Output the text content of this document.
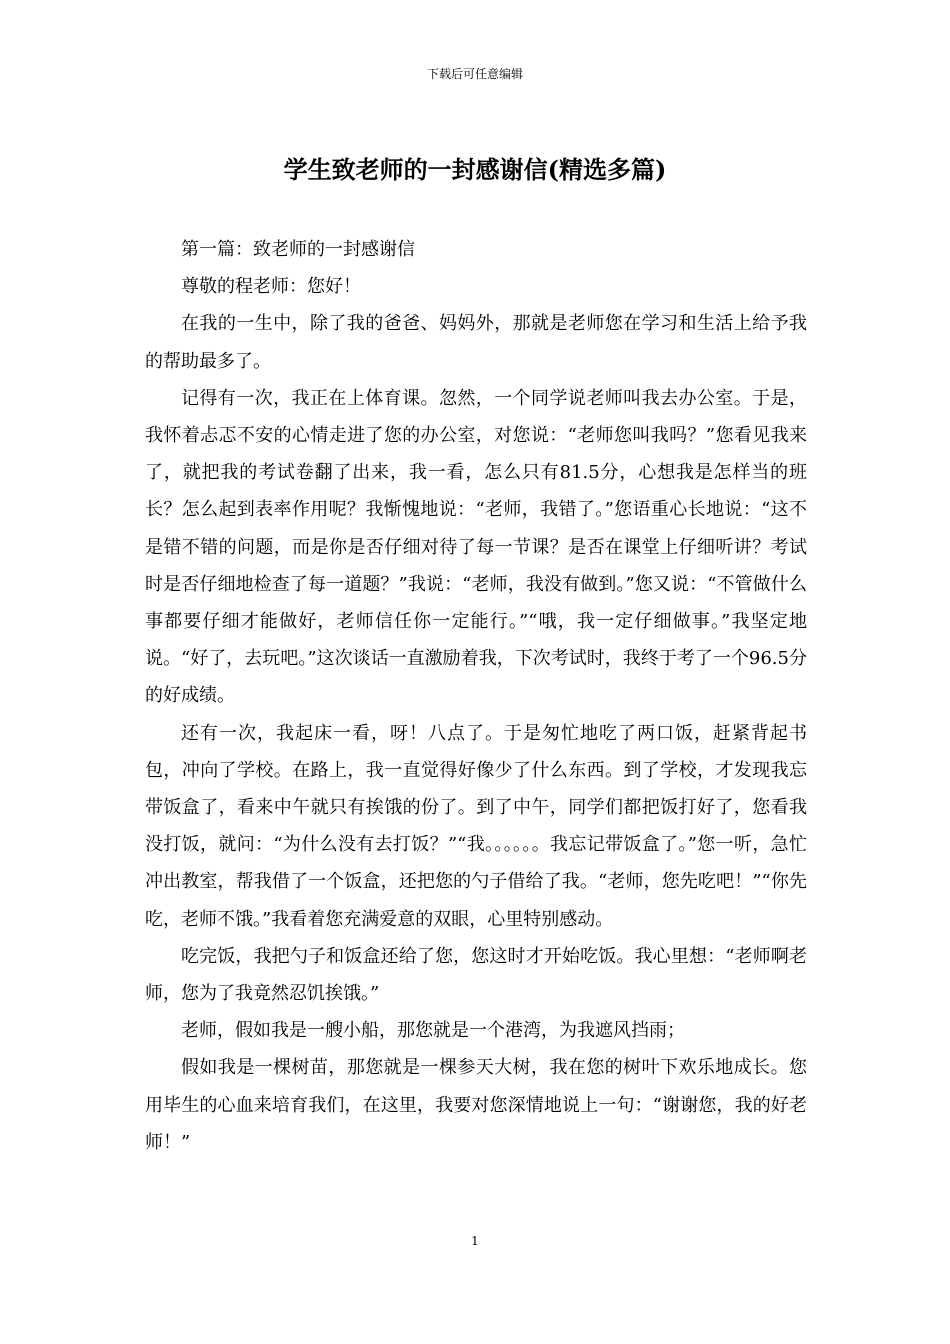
下载后可任意编辑
学生致老师的一封感谢信(精选多篇)

第一篇：致老师的一封感谢信

尊敬的程老师：您好！

在我的一生中，除了我的爸爸、妈妈外，那就是老师您在学习和生活上给予我的帮助最多了。

记得有一次，我正在上体育课。忽然，一个同学说老师叫我去办公室。于是，我怀着忐忑不安的心情走进了您的办公室，对您说：“老师您叫我吗？”您看见我来了，就把我的考试卷翻了出来，我一看，怎么只有81.5分，心想我是怎样当的班长？怎么起到表率作用呢？我惭愧地说：“老师，我错了。”您语重心长地说：“这不是错不错的问题，而是你是否仔细对待了每一节课？是否在课堂上仔细听讲？考试时是否仔细地检查了每一道题？”我说：“老师，我没有做到。”您又说：“不管做什么事都要仔细才能做好，老师信任你一定能行。”“哦，我一定仔细做事。”我坚定地说。“好了，去玩吧。”这次谈话一直激励着我，下次考试时，我终于考了一个96.5分的好成绩。

还有一次，我起床一看，呀！八点了。于是匆忙地吃了两口饭，赶紧背起书包，冲向了学校。在路上，我一直觉得好像少了什么东西。到了学校，才发现我忘带饭盒了，看来中午就只有挨饿的份了。到了中午，同学们都把饭打好了，您看我没打饭，就问：“为什么没有去打饭？”“我。。。。。。我忘记带饭盒了。”您一听，急忙冲出教室，帮我借了一个饭盒，还把您的勺子借给了我。“老师，您先吃吧！”“你先吃，老师不饿。”我看着您充满爱意的双眼，心里特别感动。

吃完饭，我把勺子和饭盒还给了您，您这时才开始吃饭。我心里想：“老师啊老师，您为了我竟然忍饥挨饿。”

老师，假如我是一艘小船，那您就是一个港湾，为我遮风挡雨；

假如我是一棵树苗，那您就是一棵参天大树，我在您的树叶下欢乐地成长。您用毕生的心血来培育我们，在这里，我要对您深情地说上一句：“谢谢您，我的好老师！”

1
